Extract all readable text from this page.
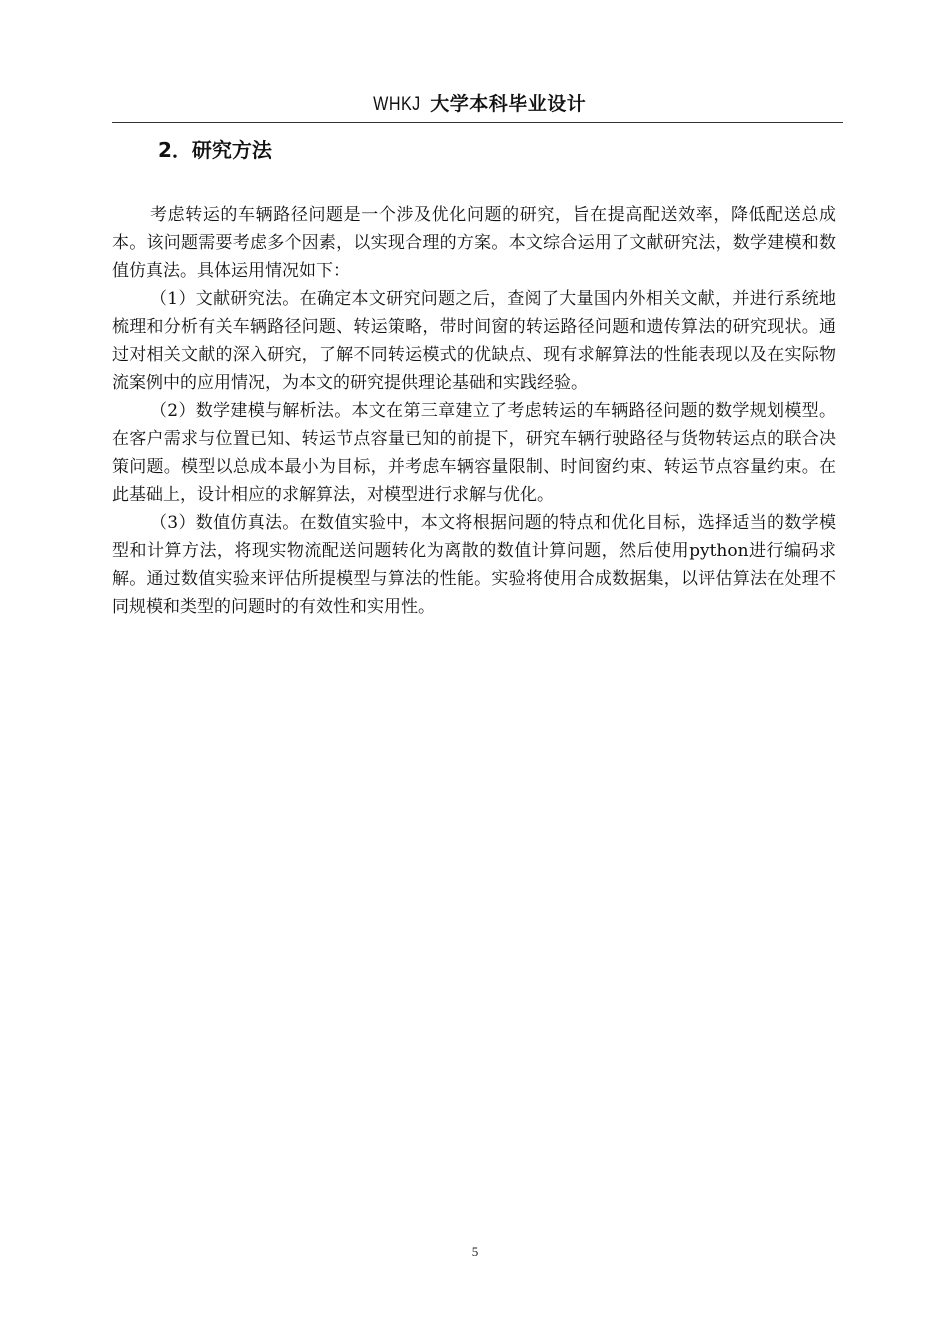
WHKJ 大学本科毕业设计
2．研究方法

考虑转运的车辆路径问题是一个涉及优化问题的研究，旨在提高配送效率，降低配送总成本。该问题需要考虑多个因素，以实现合理的方案。本文综合运用了文献研究法，数学建模和数值仿真法。具体运用情况如下：

（1）文献研究法。在确定本文研究问题之后，查阅了大量国内外相关文献，并进行系统地梳理和分析有关车辆路径问题、转运策略，带时间窗的转运路径问题和遗传算法的研究现状。通过对相关文献的深入研究，了解不同转运模式的优缺点、现有求解算法的性能表现以及在实际物流案例中的应用情况，为本文的研究提供理论基础和实践经验。

（2）数学建模与解析法。本文在第三章建立了考虑转运的车辆路径问题的数学规划模型。在客户需求与位置已知、转运节点容量已知的前提下，研究车辆行驶路径与货物转运点的联合决策问题。模型以总成本最小为目标，并考虑车辆容量限制、时间窗约束、转运节点容量约束。在此基础上，设计相应的求解算法，对模型进行求解与优化。

（3）数值仿真法。在数值实验中，本文将根据问题的特点和优化目标，选择适当的数学模型和计算方法，将现实物流配送问题转化为离散的数值计算问题，然后使用python进行编码求解。通过数值实验来评估所提模型与算法的性能。实验将使用合成数据集，以评估算法在处理不同规模和类型的问题时的有效性和实用性。

5
